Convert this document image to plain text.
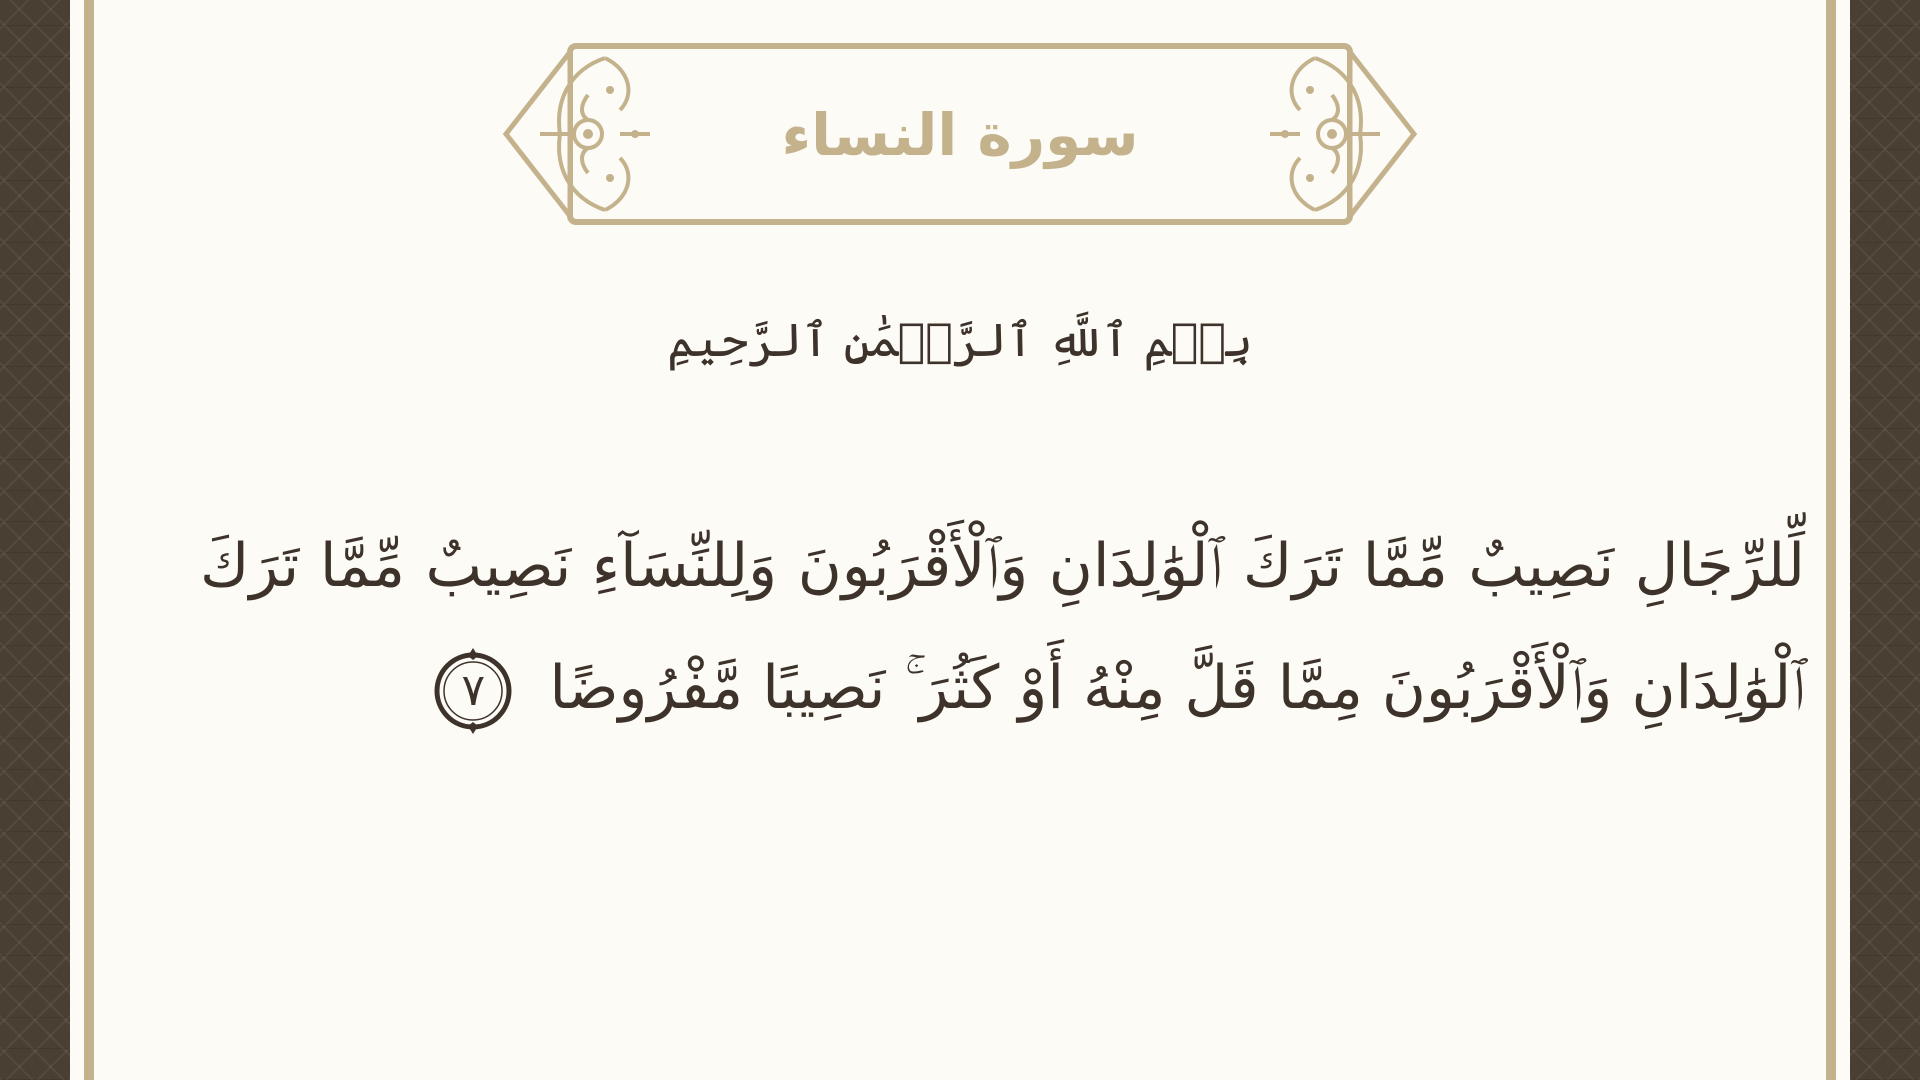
سورة النساء
بِسۡمِ ٱللَّهِ ٱلرَّحۡمَٰنِ ٱلرَّحِيمِ
لِّلرِّجَالِ نَصِيبٌ مِّمَّا تَرَكَ ٱلْوَٰلِدَانِ وَٱلْأَقْرَبُونَ وَلِلنِّسَآءِ نَصِيبٌ مِّمَّا تَرَكَ ٱلْوَٰلِدَانِ وَٱلْأَقْرَبُونَ مِمَّا قَلَّ مِنْهُ أَوْ كَثُرَ ۚ نَصِيبًا مَّفْرُوضًا
٧
